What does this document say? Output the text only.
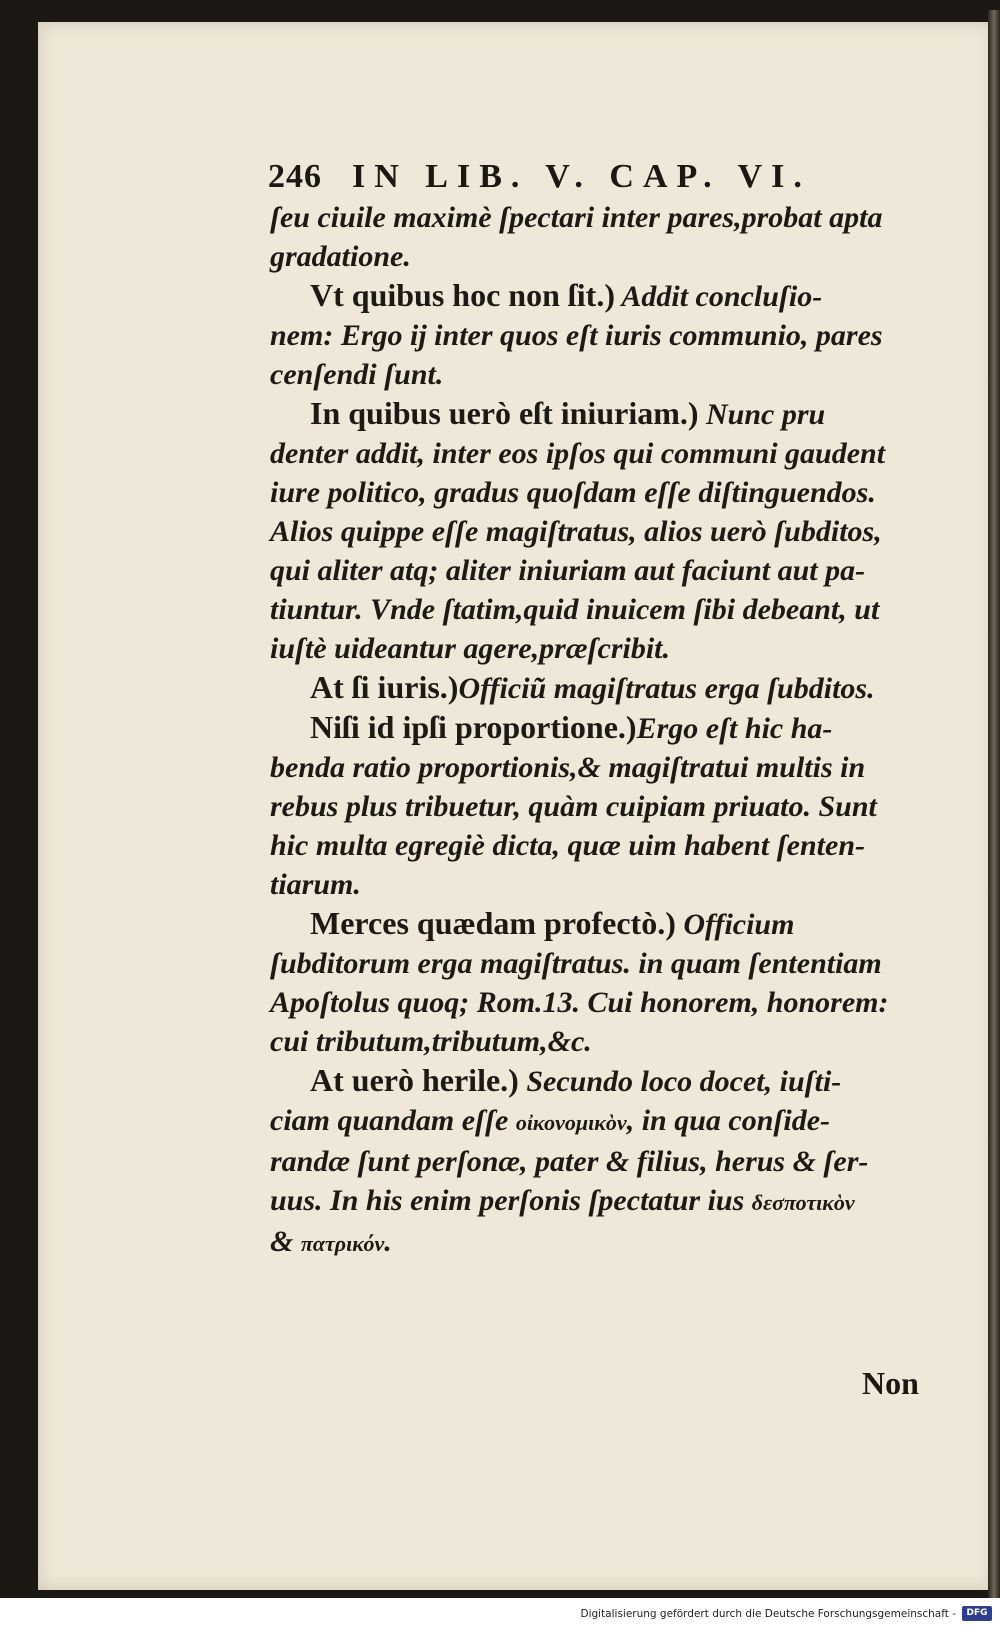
246 IN LIB. V. CAP. VI.
ſeu ciuile maximè ſpectari inter pares,probat apta
gradatione.
Vt quibus hoc non ſit.) Addit concluſio-
nem: Ergo ij inter quos eſt iuris communio, pares
cenſendi ſunt.
In quibus uerò eſt iniuriam.) Nunc pru
denter addit, inter eos ipſos qui communi gaudent
iure politico, gradus quoſdam eſſe diſtinguendos.
Alios quippe eſſe magiſtratus, alios uerò ſubditos,
qui aliter atq; aliter iniuriam aut faciunt aut pa-
tiuntur. Vnde ſtatim,quid inuicem ſibi debeant, ut
iuſtè uideantur agere,præſcribit.
At ſi iuris.)Officiũ magiſtratus erga ſubditos.
Niſi id ipſi proportione.)Ergo eſt hic ha-
benda ratio proportionis,& magiſtratui multis in
rebus plus tribuetur, quàm cuipiam priuato. Sunt
hic multa egregiè dicta, quæ uim habent ſenten-
tiarum.
Merces quædam profectò.) Officium
ſubditorum erga magiſtratus. in quam ſententiam
Apoſtolus quoq; Rom.13. Cui honorem, honorem:
cui tributum,tributum,&c.
At uerò herile.) Secundo loco docet, iuſti-
ciam quandam eſſe οἰκονομικὸν, in qua conſide-
randæ ſunt perſonæ, pater & filius, herus & ſer-
uus. In his enim perſonis ſpectatur ius δεσποτικὸν
& πατρικόν.
Non
Digitalisierung gefördert durch die Deutsche Forschungsgemeinschaft -	DFG
